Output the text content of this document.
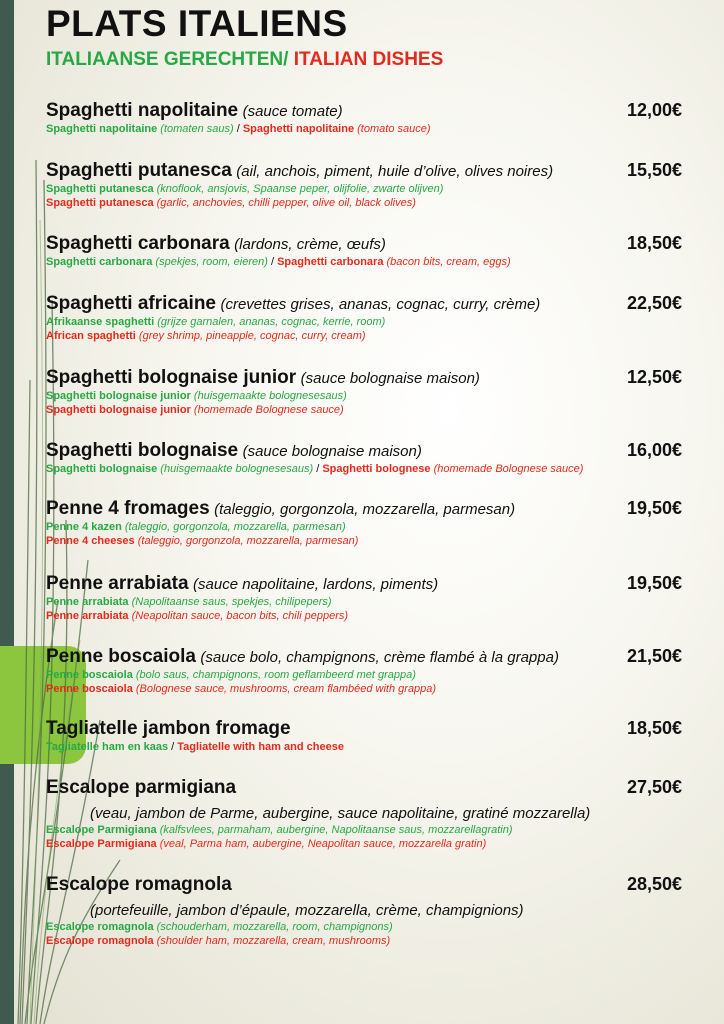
PLATS ITALIENS
ITALIAANSE GERECHTEN/ ITALIAN DISHES
Spaghetti napolitaine (sauce tomate)	12,00€
Spaghetti napolitaine (tomaten saus) / Spaghetti napolitaine (tomato sauce)
Spaghetti putanesca (ail, anchois, piment, huile d’olive, olives noires)	15,50€
Spaghetti putanesca (knoflook, ansjovis, Spaanse peper, olijfolie, zwarte olijven)
Spaghetti putanesca (garlic, anchovies, chilli pepper, olive oil, black olives)
Spaghetti carbonara (lardons, crème, œufs)	18,50€
Spaghetti carbonara (spekjes, room, eieren) / Spaghetti carbonara (bacon bits, cream, eggs)
Spaghetti africaine (crevettes grises, ananas, cognac, curry, crème)	22,50€
Afrikaanse spaghetti (grijze garnalen, ananas, cognac, kerrie, room)
African spaghetti (grey shrimp, pineapple, cognac, curry, cream)
Spaghetti bolognaise junior (sauce bolognaise maison)	12,50€
Spaghetti bolognaise junior (huisgemaakte bolognesesaus)
Spaghetti bolognaise junior (homemade Bolognese sauce)
Spaghetti bolognaise (sauce bolognaise maison)	16,00€
Spaghetti bolognaise (huisgemaakte bolognesesaus) / Spaghetti bolognese (homemade Bolognese sauce)
Penne 4 fromages (taleggio, gorgonzola, mozzarella, parmesan)	19,50€
Penne 4 kazen (taleggio, gorgonzola, mozzarella, parmesan)
Penne 4 cheeses (taleggio, gorgonzola, mozzarella, parmesan)
Penne arrabiata (sauce napolitaine, lardons, piments)	19,50€
Penne arrabiata (Napolitaanse saus, spekjes, chilipepers)
Penne arrabiata (Neapolitan sauce, bacon bits, chili peppers)
Penne boscaiola (sauce bolo, champignons, crème flambé à la grappa)	21,50€
Penne boscaiola (bolo saus, champignons, room geflambeerd met grappa)
Penne boscaiola (Bolognese sauce, mushrooms, cream flambéed with grappa)
Tagliatelle jambon fromage	18,50€
Tagliatelle ham en kaas / Tagliatelle with ham and cheese
Escalope parmigiana	27,50€
(veau, jambon de Parme, aubergine, sauce napolitaine, gratiné mozzarella)
Escalope Parmigiana (kalfsvlees, parmaham, aubergine, Napolitaanse saus, mozzarellagratin)
Escalope Parmigiana (veal, Parma ham, aubergine, Neapolitan sauce, mozzarella gratin)
Escalope romagnola	28,50€
(portefeuille, jambon d’épaule, mozzarella, crème, champignions)
Escalope romagnola (schouderham, mozzarella, room, champignons)
Escalope romagnola (shoulder ham, mozzarella, cream, mushrooms)
